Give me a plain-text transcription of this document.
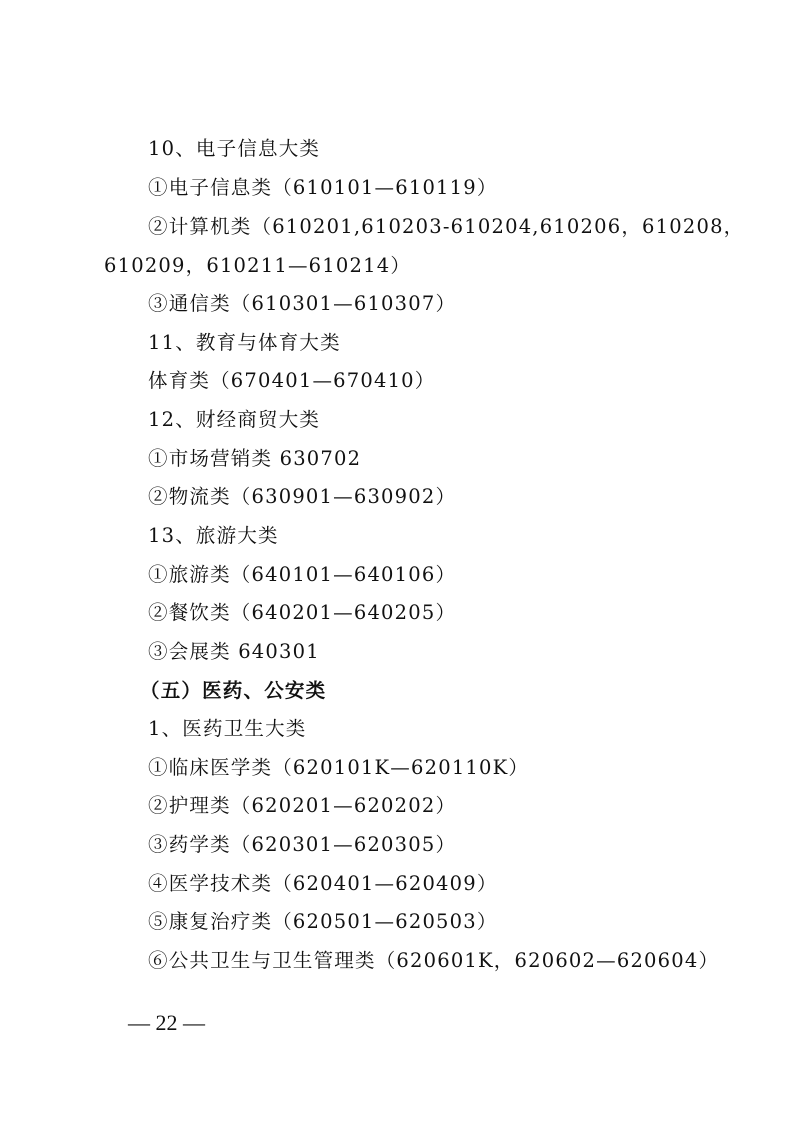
10、电子信息大类
①电子信息类（610101—610119）
②计算机类（610201,610203-610204,610206，610208，
610209，610211—610214）
③通信类（610301—610307）
11、教育与体育大类
体育类（670401—670410）
12、财经商贸大类
①市场营销类 630702
②物流类（630901—630902）
13、旅游大类
①旅游类（640101—640106）
②餐饮类（640201—640205）
③会展类 640301
（五）医药、公安类
1、医药卫生大类
①临床医学类（620101K—620110K）
②护理类（620201—620202）
③药学类（620301—620305）
④医学技术类（620401—620409）
⑤康复治疗类（620501—620503）
⑥公共卫生与卫生管理类（620601K，620602—620604）
— 22 —
